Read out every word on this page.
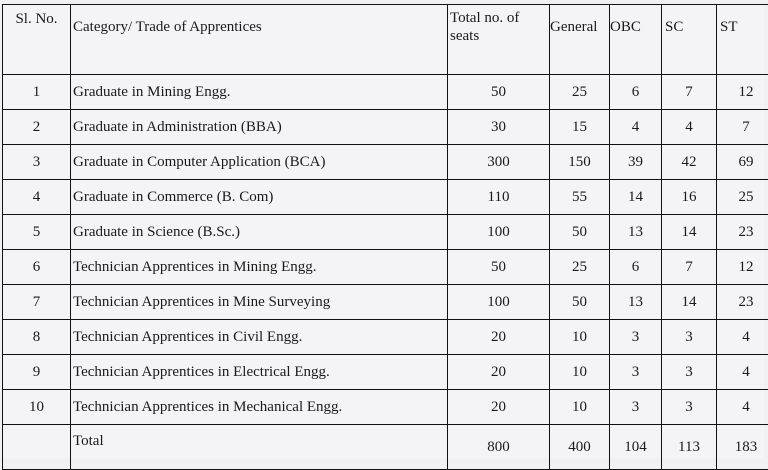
Sl. No.	Category/ Trade of Apprentices	Total no. of seats	General	OBC	SC	ST
1	Graduate in Mining Engg.	50	25	6	7	12
2	Graduate in Administration (BBA)	30	15	4	4	7
3	Graduate in Computer Application (BCA)	300	150	39	42	69
4	Graduate in Commerce (B. Com)	110	55	14	16	25
5	Graduate in Science (B.Sc.)	100	50	13	14	23
6	Technician Apprentices in Mining Engg.	50	25	6	7	12
7	Technician Apprentices in Mine Surveying	100	50	13	14	23
8	Technician Apprentices in Civil Engg.	20	10	3	3	4
9	Technician Apprentices in Electrical Engg.	20	10	3	3	4
10	Technician Apprentices in Mechanical Engg.	20	10	3	3	4
	Total	800	400	104	113	183
